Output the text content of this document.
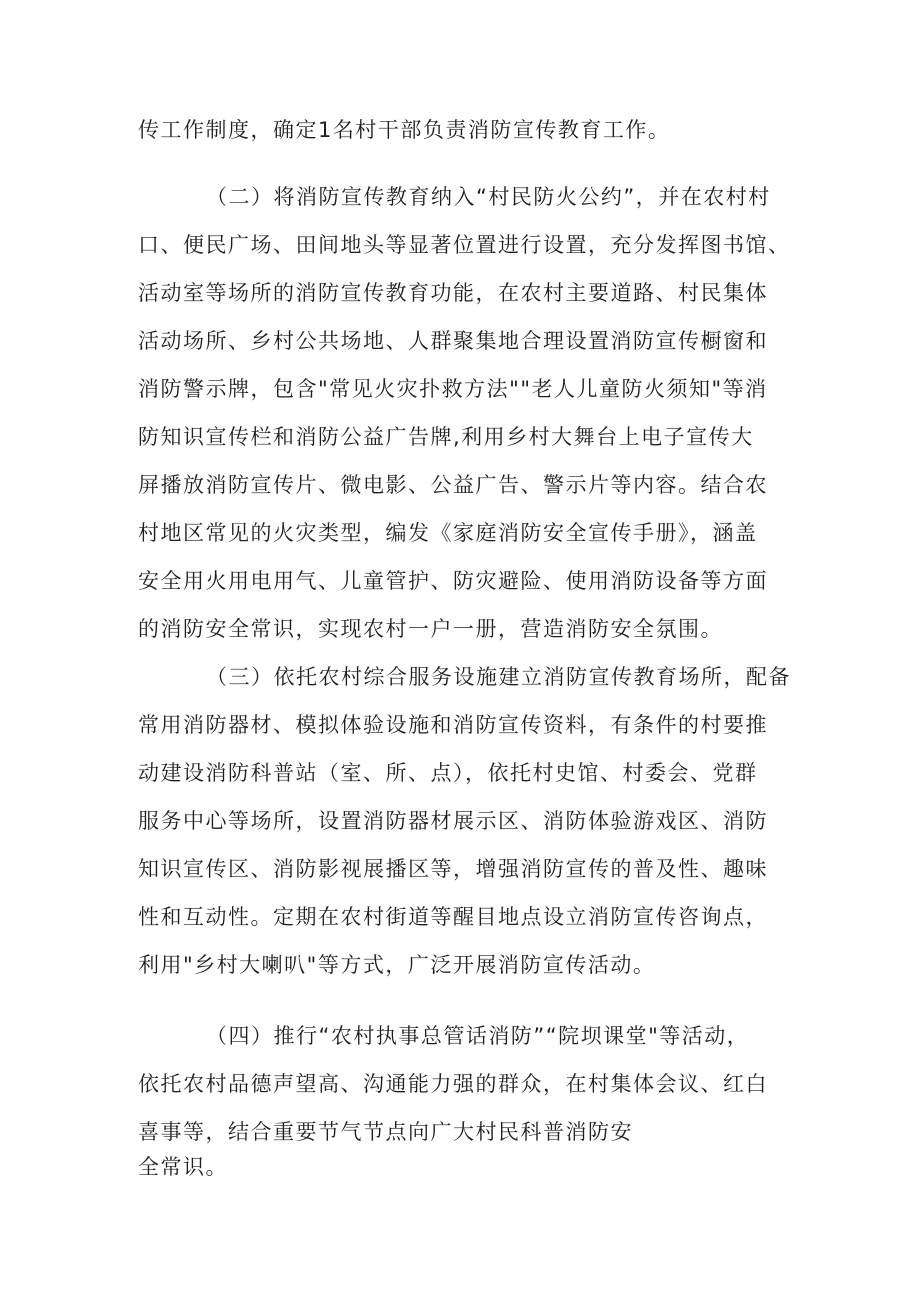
传工作制度，确定1名村干部负责消防宣传教育工作。
（二）将消防宣传教育纳入“村民防火公约”，并在农村村
口、便民广场、田间地头等显著位置进行设置，充分发挥图书馆、
活动室等场所的消防宣传教育功能，在农村主要道路、村民集体
活动场所、乡村公共场地、人群聚集地合理设置消防宣传橱窗和
消防警示牌，包含"常见火灾扑救方法""老人儿童防火须知"等消
防知识宣传栏和消防公益广告牌,利用乡村大舞台上电子宣传大
屏播放消防宣传片、微电影、公益广告、警示片等内容。结合农
村地区常见的火灾类型，编发《家庭消防安全宣传手册》，涵盖
安全用火用电用气、儿童管护、防灾避险、使用消防设备等方面
的消防安全常识，实现农村一户一册，营造消防安全氛围。
（三）依托农村综合服务设施建立消防宣传教育场所，配备
常用消防器材、模拟体验设施和消防宣传资料，有条件的村要推
动建设消防科普站（室、所、点），依托村史馆、村委会、党群
服务中心等场所，设置消防器材展示区、消防体验游戏区、消防
知识宣传区、消防影视展播区等，增强消防宣传的普及性、趣味
性和互动性。定期在农村街道等醒目地点设立消防宣传咨询点，
利用"乡村大喇叭"等方式，广泛开展消防宣传活动。
（四）推行“农村执事总管话消防”“院坝课堂"等活动，
依托农村品德声望高、沟通能力强的群众，在村集体会议、红白
喜事等，结合重要节气节点向广大村民科普消防安
全常识。
